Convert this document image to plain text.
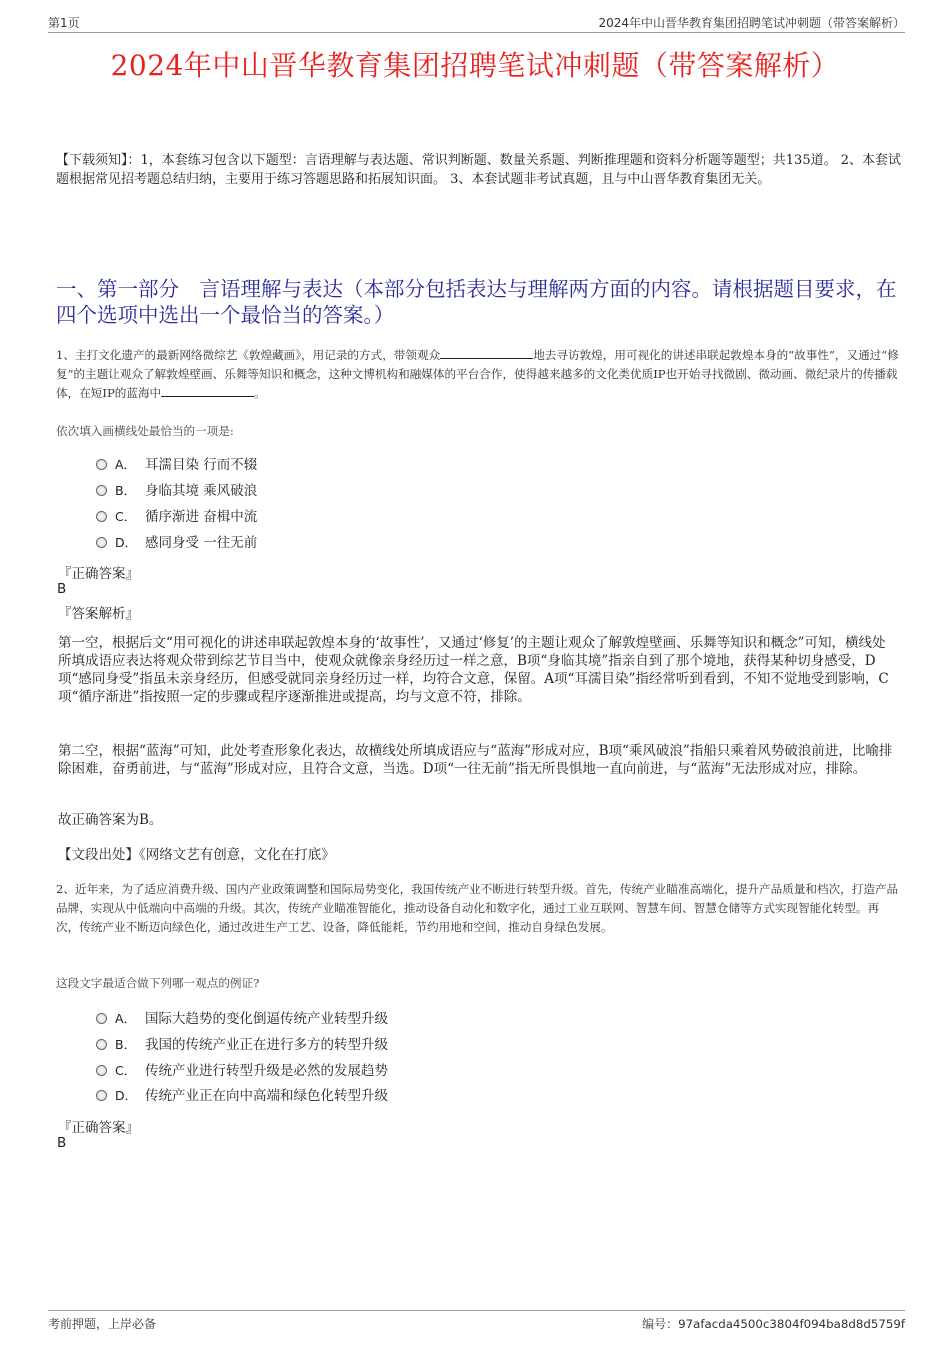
第1页	2024年中山晋华教育集团招聘笔试冲刺题（带答案解析）
2024年中山晋华教育集团招聘笔试冲刺题（带答案解析）
【下载须知】：1，本套练习包含以下题型：言语理解与表达题、常识判断题、数量关系题、判断推理题和资料分析题等题型；共135道。 2、本套试题根据常见招考题总结归纳，主要用于练习答题思路和拓展知识面。 3、本套试题非考试真题，且与中山晋华教育集团无关。
一、第一部分　言语理解与表达（本部分包括表达与理解两方面的内容。请根据题目要求，在四个选项中选出一个最恰当的答案。）
1、主打文化遗产的最新网络微综艺《敦煌藏画》，用记录的方式，带领观众	地去寻访敦煌，用可视化的讲述串联起敦煌本身的“故事性”，又通过“修复”的主题让观众了解敦煌壁画、乐舞等知识和概念，这种文博机构和融媒体的平台合作，使得越来越多的文化类优质IP也开始寻找微剧、微动画、微纪录片的传播载体，在短IP的蓝海中	。
依次填入画横线处最恰当的一项是:
A． 耳濡目染 行而不辍
B． 身临其境 乘风破浪
C． 循序渐进 奋楫中流
D． 感同身受 一往无前
『正确答案』
B
『答案解析』
第一空，根据后文“用可视化的讲述串联起敦煌本身的‘故事性’，又通过‘修复’的主题让观众了解敦煌壁画、乐舞等知识和概念”可知，横线处所填成语应表达将观众带到综艺节目当中，使观众就像亲身经历过一样之意，B项“身临其境”指亲自到了那个境地，获得某种切身感受，D项“感同身受”指虽未亲身经历，但感受就同亲身经历过一样，均符合文意，保留。A项“耳濡目染”指经常听到看到，不知不觉地受到影响，C项“循序渐进”指按照一定的步骤或程序逐渐推进或提高，均与文意不符，排除。
第二空，根据“蓝海”可知，此处考查形象化表达，故横线处所填成语应与“蓝海”形成对应，B项“乘风破浪”指船只乘着风势破浪前进，比喻排除困难，奋勇前进，与“蓝海”形成对应，且符合文意，当选。D项“一往无前”指无所畏惧地一直向前进，与“蓝海”无法形成对应，排除。
故正确答案为B。
【文段出处】《网络文艺有创意，文化在打底》
2、近年来，为了适应消费升级、国内产业政策调整和国际局势变化，我国传统产业不断进行转型升级。首先，传统产业瞄准高端化，提升产品质量和档次，打造产品品牌，实现从中低端向中高端的升级。其次，传统产业瞄准智能化，推动设备自动化和数字化，通过工业互联网、智慧车间、智慧仓储等方式实现智能化转型。再次，传统产业不断迈向绿色化，通过改进生产工艺、设备，降低能耗，节约用地和空间，推动自身绿色发展。
这段文字最适合做下列哪一观点的例证?
A． 国际大趋势的变化倒逼传统产业转型升级
B． 我国的传统产业正在进行多方的转型升级
C． 传统产业进行转型升级是必然的发展趋势
D． 传统产业正在向中高端和绿色化转型升级
『正确答案』
B
考前押题，上岸必备	编号：97afacda4500c3804f094ba8d8d5759f
